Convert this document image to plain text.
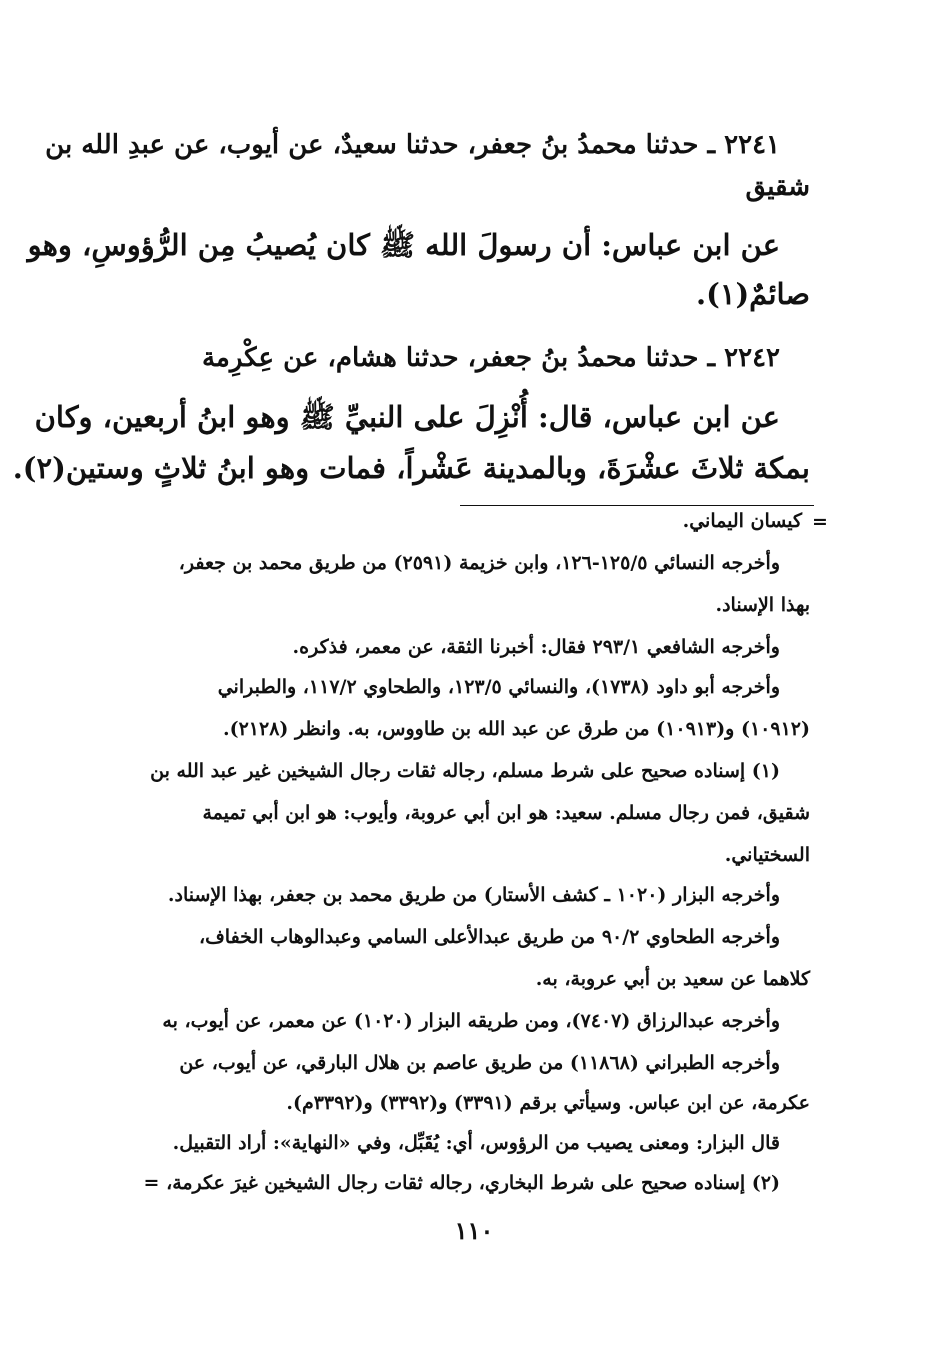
٢٢٤١ ـ حدثنا محمدُ بنُ جعفر، حدثنا سعيدٌ، عن أيوب، عن عبدِ الله بن
شقيق
عن ابن عباس: أن رسولَ الله ﷺ كان يُصيبُ مِن الرُّؤوسِ، وهو
صائمٌ(١).
٢٢٤٢ ـ حدثنا محمدُ بنُ جعفر، حدثنا هشام، عن عِكْرِمة
عن ابن عباس، قال: أُنْزِلَ على النبيِّ ﷺ وهو ابنُ أربعين، وكان
بمكة ثلاثَ عشْرَةَ، وبالمدينة عَشْراً، فمات وهو ابنُ ثلاثٍ وستين(٢).
=
كيسان اليماني.
وأخرجه النسائي ١٢٥/٥-١٢٦، وابن خزيمة (٢٥٩١) من طريق محمد بن جعفر،
بهذا الإسناد.
وأخرجه الشافعي ٢٩٣/١ فقال: أخبرنا الثقة، عن معمر، فذكره.
وأخرجه أبو داود (١٧٣٨)، والنسائي ١٢٣/٥، والطحاوي ١١٧/٢، والطبراني
(١٠٩١٢) و(١٠٩١٣) من طرق عن عبد الله بن طاووس، به. وانظر (٢١٢٨).
(١) إسناده صحيح على شرط مسلم، رجاله ثقات رجال الشيخين غير عبد الله بن
شقيق، فمن رجال مسلم. سعيد: هو ابن أبي عروبة، وأيوب: هو ابن أبي تميمة
السختياني.
وأخرجه البزار (١٠٢٠ ـ كشف الأستار) من طريق محمد بن جعفر، بهذا الإسناد.
وأخرجه الطحاوي ٩٠/٢ من طريق عبدالأعلى السامي وعبدالوهاب الخفاف،
كلاهما عن سعيد بن أبي عروبة، به.
وأخرجه عبدالرزاق (٧٤٠٧)، ومن طريقه البزار (١٠٢٠) عن معمر، عن أيوب، به
وأخرجه الطبراني (١١٨٦٨) من طريق عاصم بن هلال البارقي، عن أيوب، عن
عكرمة، عن ابن عباس. وسيأتي برقم (٣٣٩١) و(٣٣٩٢) و(٣٣٩٢م).
قال البزار: ومعنى يصيب من الرؤوس، أي: يُقَبِّل، وفي «النهاية»: أراد التقبيل.
(٢) إسناده صحيح على شرط البخاري، رجاله ثقات رجال الشيخين غيرَ عكرمة، =
١١٠
